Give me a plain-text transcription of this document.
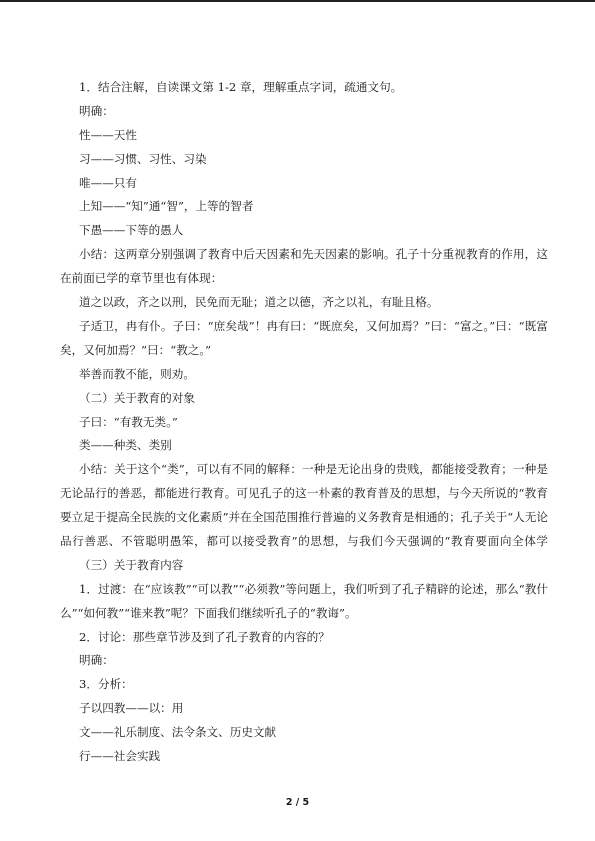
1．结合注解，自读课文第 1-2 章，理解重点字词，疏通文句。
明确：
性——天性
习——习惯、习性、习染
唯——只有
上知——“知”通“智”，上等的智者
下愚——下等的愚人
小结：这两章分别强调了教育中后天因素和先天因素的影响。孔子十分重视教育的作用，这在前面已学的章节里也有体现：
道之以政，齐之以刑，民免而无耻；道之以德，齐之以礼，有耻且格。
子适卫，冉有仆。子曰：“庶矣哉”！冉有曰：“既庶矣，又何加焉？”曰：“富之。”曰：“既富矣，又何加焉？”曰：“教之。”
举善而教不能，则劝。
（二）关于教育的对象
子曰：“有教无类。”
类——种类、类别
小结：关于这个“类”，可以有不同的解释：一种是无论出身的贵贱，都能接受教育；一种是无论品行的善恶，都能进行教育。可见孔子的这一朴素的教育普及的思想，与今天所说的“教育要立足于提高全民族的文化素质”并在全国范围推行普遍的义务教育是相通的；孔子关于“人无论品行善恶、不管聪明愚笨，都可以接受教育”的思想，与我们今天强调的“教育要面向全体学
（三）关于教育内容
1．过渡：在“应该教”“可以教”“必须教”等问题上，我们听到了孔子精辟的论述，那么“教什么”“如何教”“谁来教”呢？下面我们继续听孔子的“教诲”。
2．讨论：那些章节涉及到了孔子教育的内容的？
明确：
3．分析：
子以四教——以：用
文——礼乐制度、法令条文、历史文献
行——社会实践
2 / 5
